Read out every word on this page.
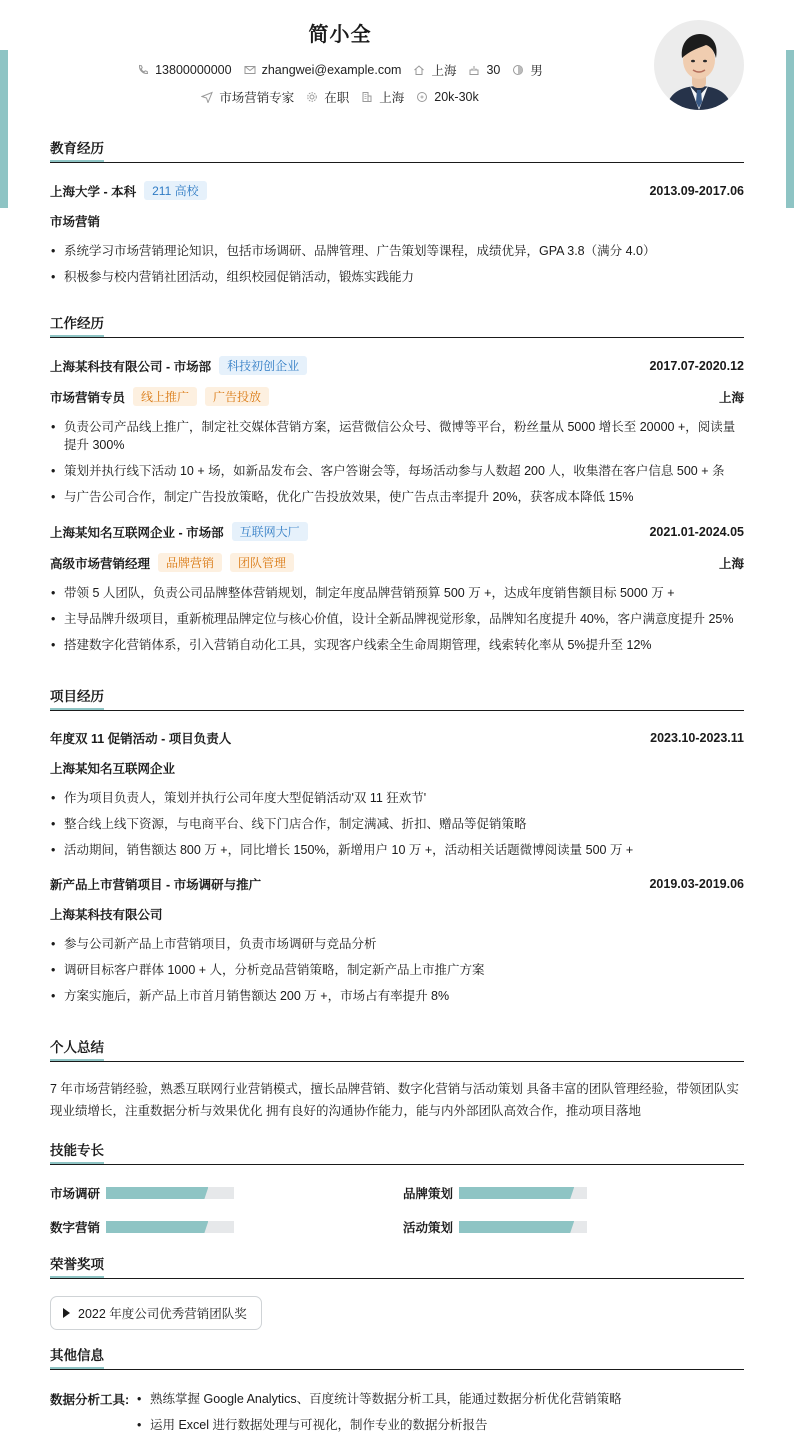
简小全
13800000000 zhangwei@example.com 上海 30 男
市场营销专家 在职 上海 20k-30k
教育经历
上海大学 - 本科	211 高校	2013.09-2017.06
市场营销
• 系统学习市场营销理论知识，包括市场调研、品牌管理、广告策划等课程，成绩优异，GPA 3.8（满分 4.0）
• 积极参与校内营销社团活动，组织校园促销活动，锻炼实践能力
工作经历
上海某科技有限公司 - 市场部	科技初创企业	2017.07-2020.12
市场营销专员	线上推广	广告投放	上海
• 负责公司产品线上推广，制定社交媒体营销方案，运营微信公众号、微博等平台，粉丝量从 5000 增长至 20000 +，阅读量提升 300%
• 策划并执行线下活动 10 + 场，如新品发布会、客户答谢会等，每场活动参与人数超 200 人，收集潜在客户信息 500 + 条
• 与广告公司合作，制定广告投放策略，优化广告投放效果，使广告点击率提升 20%，获客成本降低 15%
上海某知名互联网企业 - 市场部	互联网大厂	2021.01-2024.05
高级市场营销经理	品牌营销	团队管理	上海
• 带领 5 人团队，负责公司品牌整体营销规划，制定年度品牌营销预算 500 万 +，达成年度销售额目标 5000 万 +
• 主导品牌升级项目，重新梳理品牌定位与核心价值，设计全新品牌视觉形象，品牌知名度提升 40%，客户满意度提升 25%
• 搭建数字化营销体系，引入营销自动化工具，实现客户线索全生命周期管理，线索转化率从 5%提升至 12%
项目经历
年度双 11 促销活动 - 项目负责人	2023.10-2023.11
上海某知名互联网企业
• 作为项目负责人，策划并执行公司年度大型促销活动'双 11 狂欢节'
• 整合线上线下资源，与电商平台、线下门店合作，制定满减、折扣、赠品等促销策略
• 活动期间，销售额达 800 万 +，同比增长 150%，新增用户 10 万 +，活动相关话题微博阅读量 500 万 +
新产品上市营销项目 - 市场调研与推广	2019.03-2019.06
上海某科技有限公司
• 参与公司新产品上市营销项目，负责市场调研与竞品分析
• 调研目标客户群体 1000 + 人，分析竞品营销策略，制定新产品上市推广方案
• 方案实施后，新产品上市首月销售额达 200 万 +，市场占有率提升 8%
个人总结
7 年市场营销经验，熟悉互联网行业营销模式，擅长品牌营销、数字化营销与活动策划 具备丰富的团队管理经验，带领团队实现业绩增长，注重数据分析与效果优化 拥有良好的沟通协作能力，能与内外部团队高效合作，推动项目落地
技能专长
市场调研	品牌策划
数字营销	活动策划
荣誉奖项
2022 年度公司优秀营销团队奖
其他信息
数据分析工具:
•	熟练掌握 Google Analytics、百度统计等数据分析工具，能通过数据分析优化营销策略
• 运用 Excel 进行数据处理与可视化，制作专业的数据分析报告
